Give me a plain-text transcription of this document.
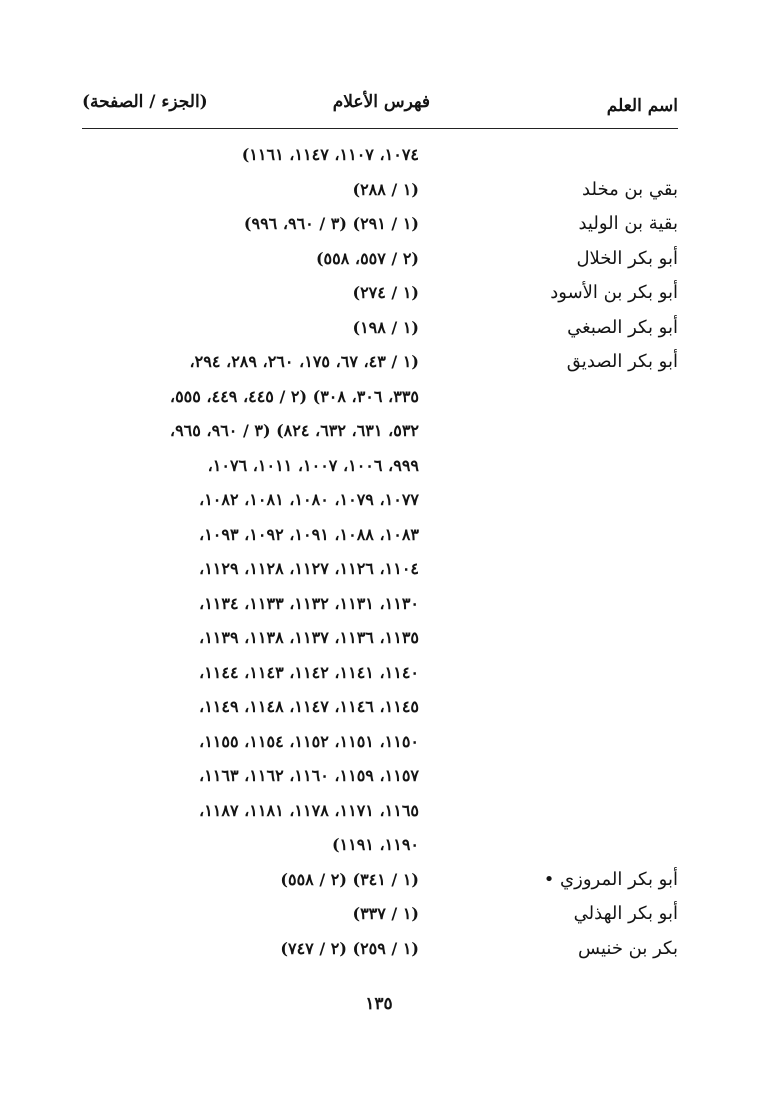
اسم العلم
فهرس الأعلام
(الجزء / الصفحة)
١٠٧٤، ١١٠٧، ١١٤٧، ١١٦١)
بقي بن مخلد
(١ / ٢٨٨)
بقية بن الوليد
(١ / ٢٩١) (٣ / ٩٦٠، ٩٩٦)
أبو بكر الخلال
(٢ / ٥٥٧، ٥٥٨)
أبو بكر بن الأسود
(١ / ٢٧٤)
أبو بكر الصبغي
(١ / ١٩٨)
أبو بكر الصديق
(١ / ٤٣، ٦٧، ١٧٥، ٢٦٠، ٢٨٩، ٢٩٤،
٣٣٥، ٣٠٦، ٣٠٨) (٢ / ٤٤٥، ٤٤٩، ٥٥٥،
٥٣٢، ٦٣١، ٦٣٢، ٨٢٤) (٣ / ٩٦٠، ٩٦٥،
٩٩٩، ١٠٠٦، ١٠٠٧، ١٠١١، ١٠٧٦،
١٠٧٧، ١٠٧٩، ١٠٨٠، ١٠٨١، ١٠٨٢،
١٠٨٣، ١٠٨٨، ١٠٩١، ١٠٩٢، ١٠٩٣،
١١٠٤، ١١٢٦، ١١٢٧، ١١٢٨، ١١٢٩،
١١٣٠، ١١٣١، ١١٣٢، ١١٣٣، ١١٣٤،
١١٣٥، ١١٣٦، ١١٣٧، ١١٣٨، ١١٣٩،
١١٤٠، ١١٤١، ١١٤٢، ١١٤٣، ١١٤٤،
١١٤٥، ١١٤٦، ١١٤٧، ١١٤٨، ١١٤٩،
١١٥٠، ١١٥١، ١١٥٢، ١١٥٤، ١١٥٥،
١١٥٧، ١١٥٩، ١١٦٠، ١١٦٢، ١١٦٣،
١١٦٥، ١١٧١، ١١٧٨، ١١٨١، ١١٨٧،
١١٩٠، ١١٩١)
أبو بكر المروزي •
(١ / ٣٤١) (٢ / ٥٥٨)
أبو بكر الهذلي
(١ / ٣٣٧)
بكر بن خنيس
(١ / ٢٥٩) (٢ / ٧٤٧)
١٣٥
